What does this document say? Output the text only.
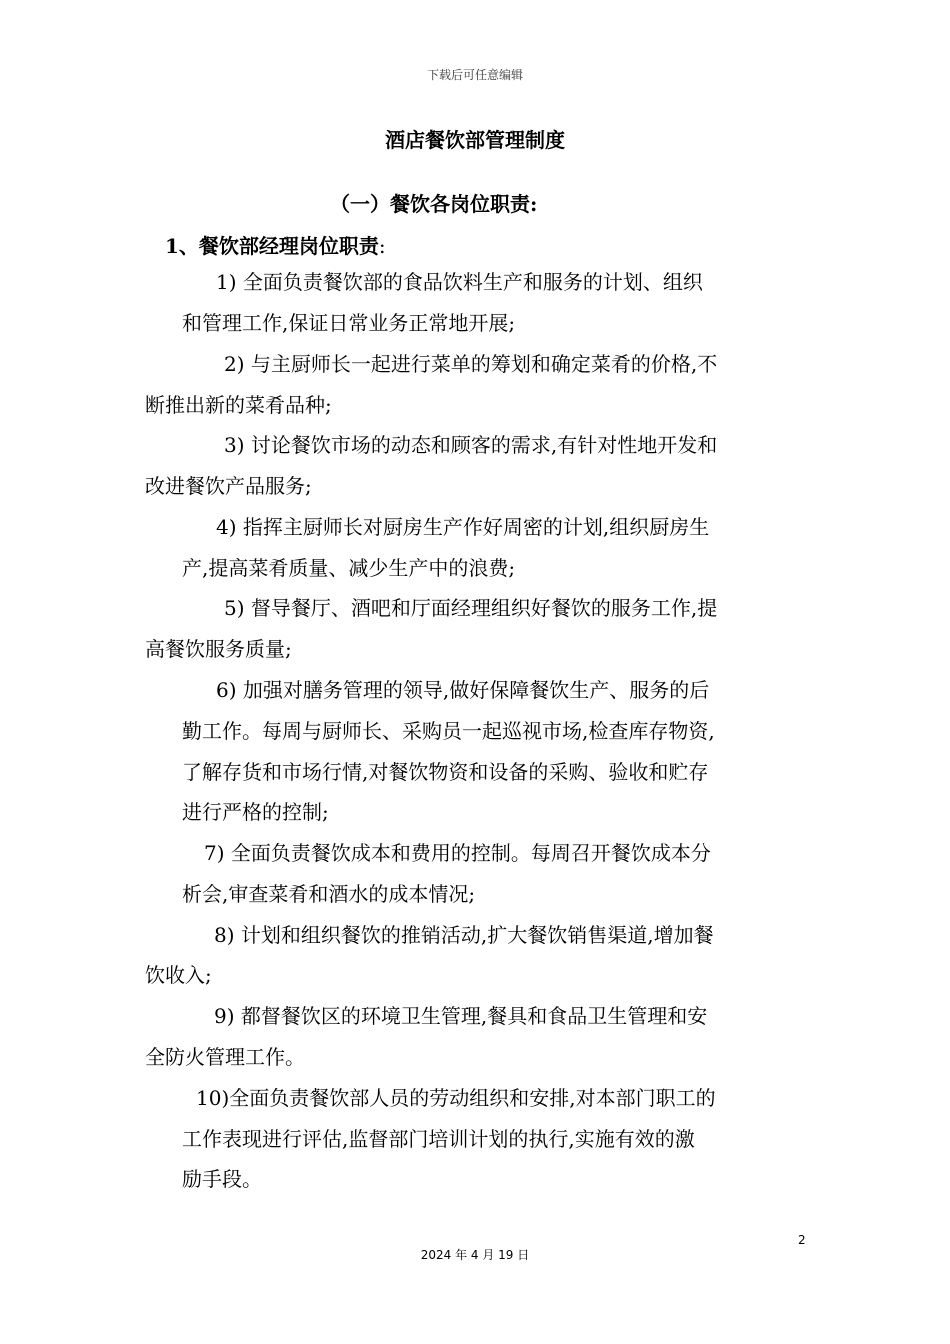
下载后可任意编辑
酒店餐饮部管理制度
（一）餐饮各岗位职责:
1、餐饮部经理岗位职责:
1) 全面负责餐饮部的食品饮料生产和服务的计划、组织
和管理工作,保证日常业务正常地开展;
2) 与主厨师长一起进行菜单的筹划和确定菜肴的价格,不
断推出新的菜肴品种;
3) 讨论餐饮市场的动态和顾客的需求,有针对性地开发和
改进餐饮产品服务;
4) 指挥主厨师长对厨房生产作好周密的计划,组织厨房生
产,提高菜肴质量、减少生产中的浪费;
5) 督导餐厅、酒吧和厅面经理组织好餐饮的服务工作,提
高餐饮服务质量;
6) 加强对膳务管理的领导,做好保障餐饮生产、服务的后
勤工作。每周与厨师长、采购员一起巡视市场,检查库存物资,
了解存货和市场行情,对餐饮物资和设备的采购、验收和贮存
进行严格的控制;
7) 全面负责餐饮成本和费用的控制。每周召开餐饮成本分
析会,审查菜肴和酒水的成本情况;
8) 计划和组织餐饮的推销活动,扩大餐饮销售渠道,增加餐
饮收入;
9) 都督餐饮区的环境卫生管理,餐具和食品卫生管理和安
全防火管理工作。
10)全面负责餐饮部人员的劳动组织和安排,对本部门职工的
工作表现进行评估,监督部门培训计划的执行,实施有效的激
励手段。
2
2024 年 4 月 19 日
